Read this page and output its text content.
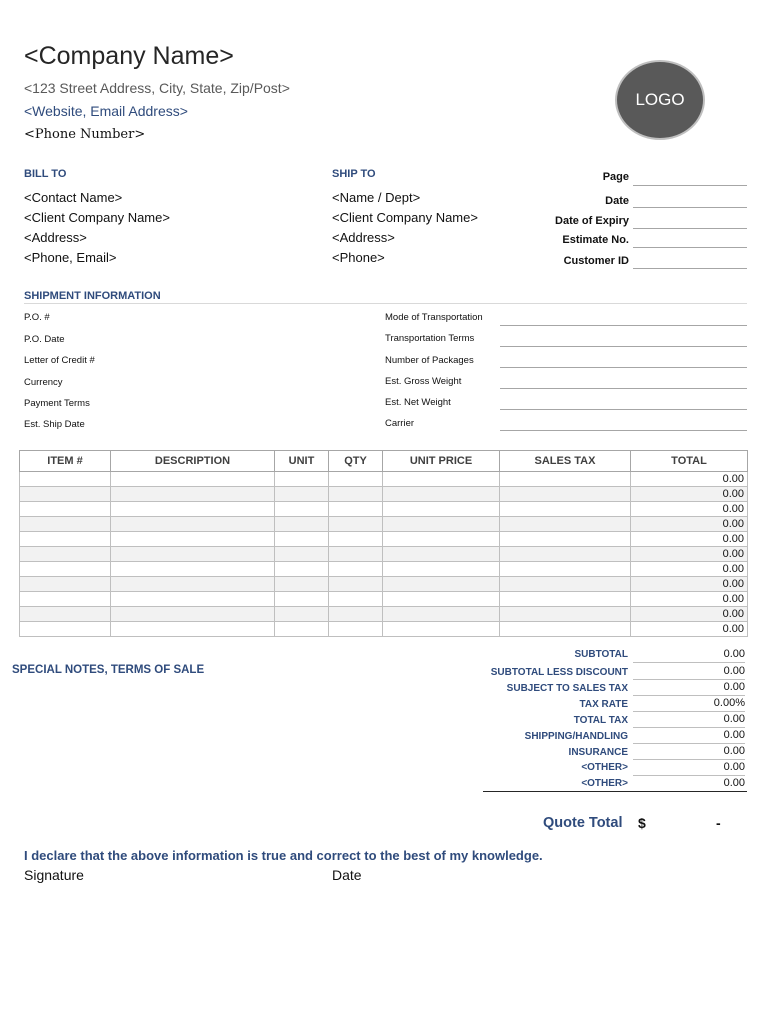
<Company Name>
<123 Street Address, City, State, Zip/Post>
<Website, Email Address>
<Phone Number>
LOGO
BILL TO
<Contact Name>
<Client Company Name>
<Address>
<Phone, Email>
SHIP TO
<Name / Dept>
<Client Company Name>
<Address>
<Phone>
Page
Date
Date of Expiry
Estimate No.
Customer ID
SHIPMENT INFORMATION
P.O. #
P.O. Date
Letter of Credit #
Currency
Payment Terms
Est. Ship Date
Mode of Transportation
Transportation Terms
Number of Packages
Est. Gross Weight
Est. Net Weight
Carrier
ITEM #	DESCRIPTION	UNIT	QTY	UNIT PRICE	SALES TAX	TOTAL
						0.00
						0.00
						0.00
						0.00
						0.00
						0.00
						0.00
						0.00
						0.00
						0.00
						0.00
SPECIAL NOTES, TERMS OF SALE
SUBTOTAL	0.00
SUBTOTAL LESS DISCOUNT	0.00
SUBJECT TO SALES TAX	0.00
TAX RATE	0.00%
TOTAL TAX	0.00
SHIPPING/HANDLING	0.00
INSURANCE	0.00
<OTHER>	0.00
<OTHER>	0.00
Quote Total $	-
I declare that the above information is true and correct to the best of my knowledge.
Signature	Date
